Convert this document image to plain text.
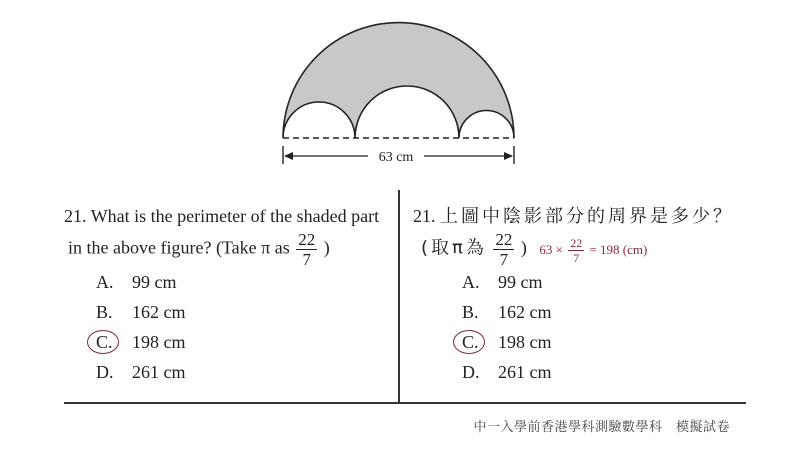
63 cm
21. What is the perimeter of the shaded part
in the above figure? (Take π as $\frac{22}{7}$ )
A. 99 cm
B. 162 cm
C. 198 cm
D. 261 cm
21. 上圖中陰影部分的周界是多少？
(取π為 $\frac{22}{7}$ ) $63 \times \frac{22}{7} = 198$ (cm)
A. 99 cm
B. 162 cm
C. 198 cm
D. 261 cm
中一入學前香港學科測驗數學科　模擬試卷
